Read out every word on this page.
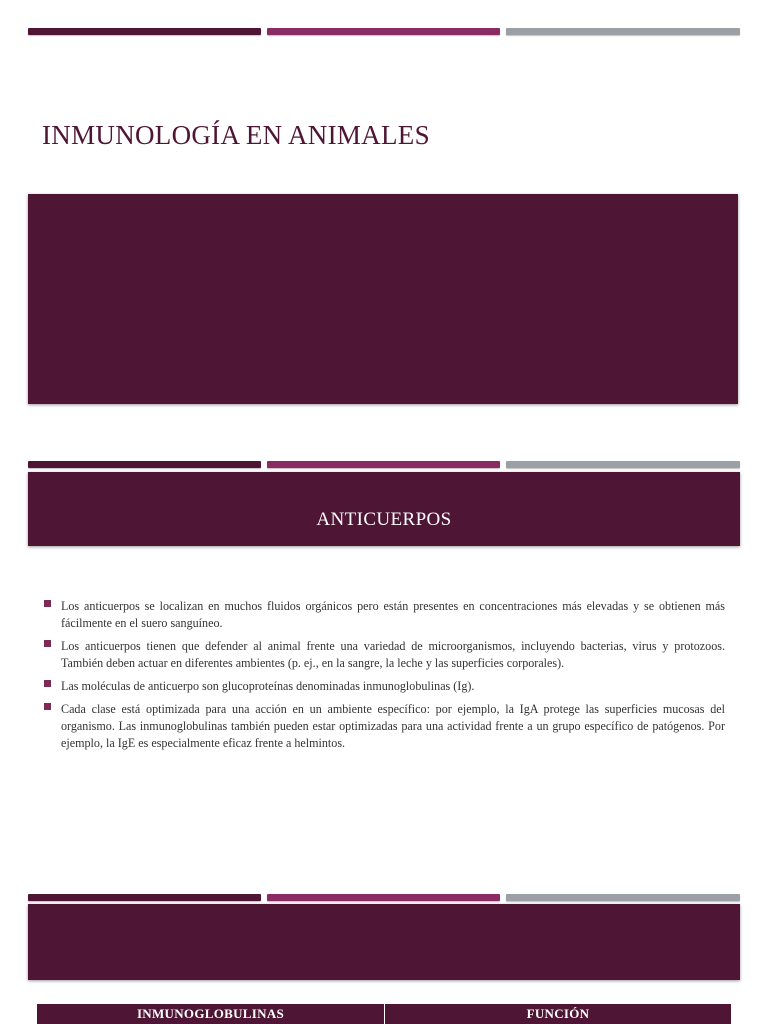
INMUNOLOGÍA EN ANIMALES
ANTICUERPOS
Los anticuerpos se localizan en muchos fluidos orgánicos pero están presentes en concentraciones más elevadas y se obtienen más fácilmente en el suero sanguíneo.
Los anticuerpos tienen que defender al animal frente una variedad de microorganismos, incluyendo bacterias, virus y protozoos. También deben actuar en diferentes ambientes (p. ej., en la sangre, la leche y las superficies corporales).
Las moléculas de anticuerpo son glucoproteínas denominadas inmunoglobulinas (Ig).
Cada clase está optimizada para una acción en un ambiente específico: por ejemplo, la IgA protege las superficies mucosas del organismo. Las inmunoglobulinas también pueden estar optimizadas para una actividad frente a un grupo específico de patógenos. Por ejemplo, la IgE es especialmente eficaz frente a helmintos.
INMUNOGLOBULINAS	FUNCIÓN
